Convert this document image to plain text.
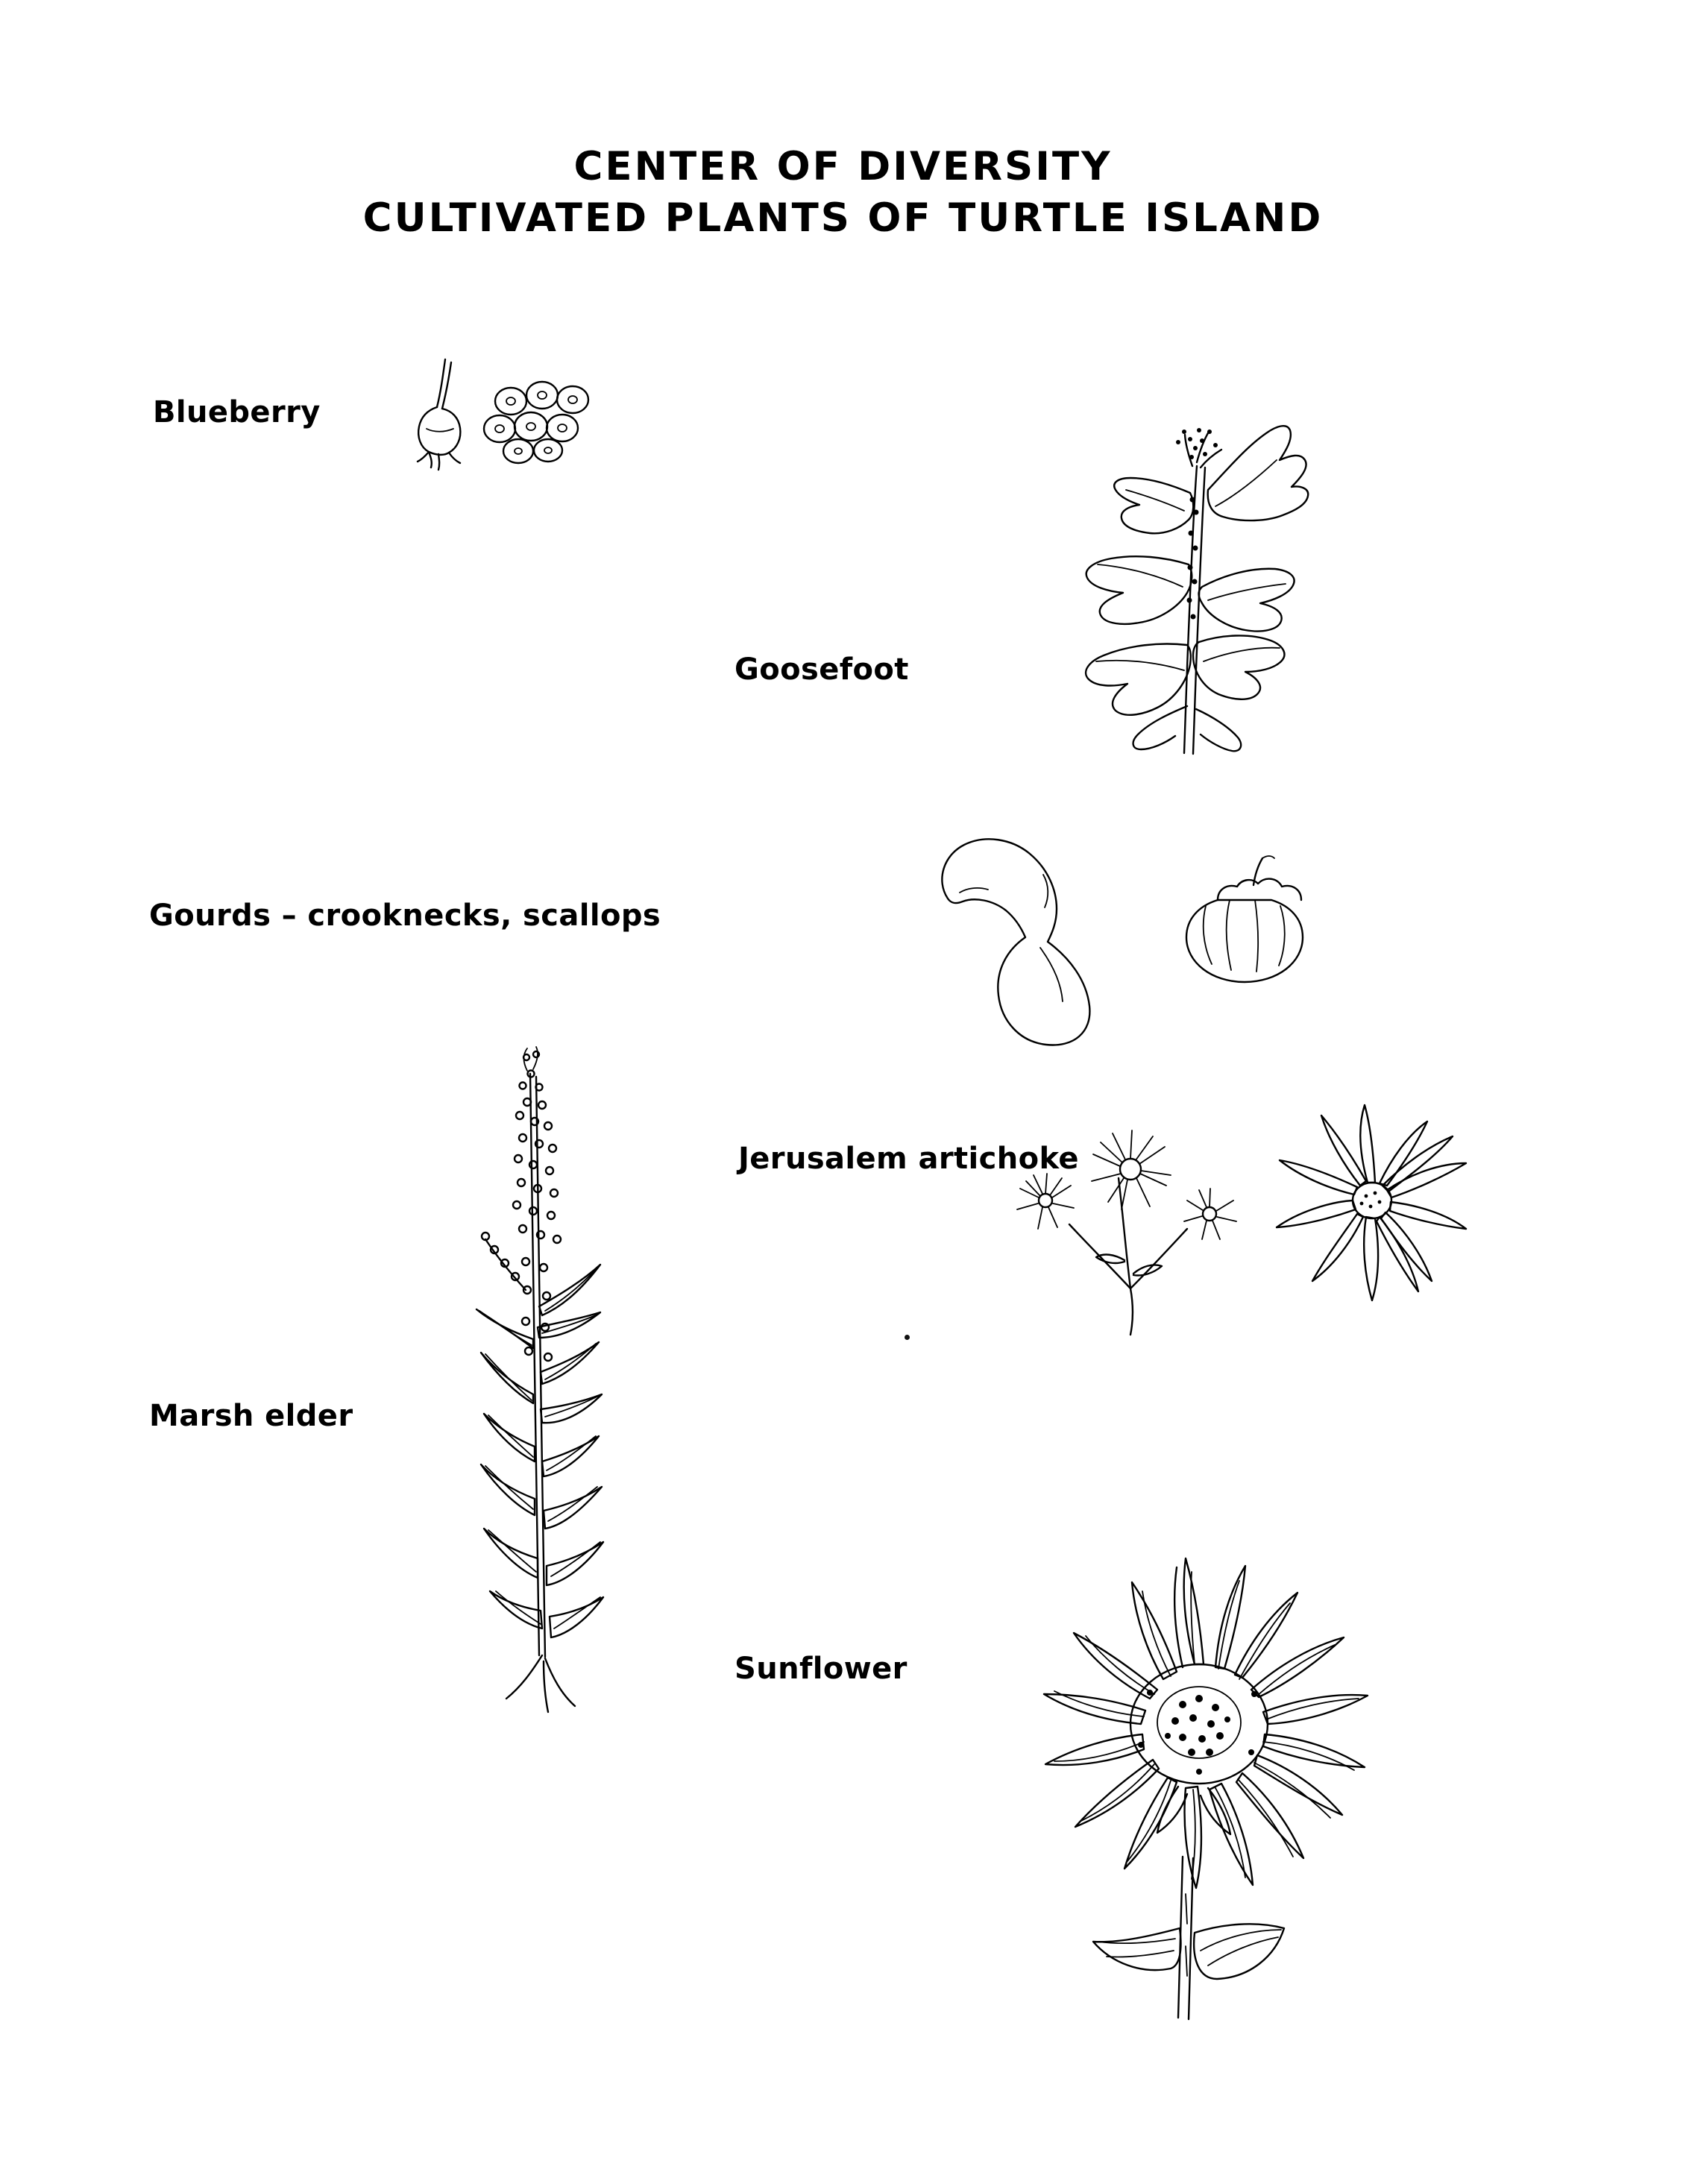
CENTER OF DIVERSITY
CULTIVATED PLANTS OF TURTLE ISLAND
Blueberry
Goosefoot
Gourds – crooknecks, scallops
Jerusalem artichoke
Marsh elder
Sunflower
